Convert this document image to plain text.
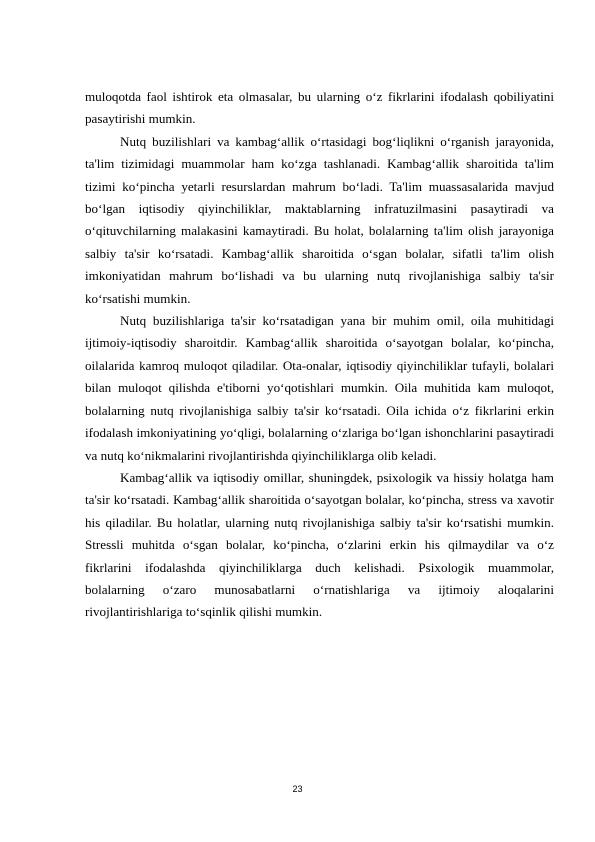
muloqotda faol ishtirok eta olmasalar, bu ularning oʻz fikrlarini ifodalash qobiliyatini pasaytirishi mumkin.

Nutq buzilishlari va kambagʻallik oʻrtasidagi bogʻliqlikni oʻrganish jarayonida, ta'lim tizimidagi muammolar ham koʻzga tashlanadi. Kambagʻallik sharoitida ta'lim tizimi koʻpincha yetarli resurslardan mahrum boʻladi. Ta'lim muassasalarida mavjud boʻlgan iqtisodiy qiyinchiliklar, maktablarning infratuzilmasini pasaytiradi va oʻqituvchilarning malakasini kamaytiradi. Bu holat, bolalarning ta'lim olish jarayoniga salbiy ta'sir koʻrsatadi. Kambagʻallik sharoitida oʻsgan bolalar, sifatli ta'lim olish imkoniyatidan mahrum boʻlishadi va bu ularning nutq rivojlanishiga salbiy ta'sir koʻrsatishi mumkin.

Nutq buzilishlariga ta'sir koʻrsatadigan yana bir muhim omil, oila muhitidagi ijtimoiy-iqtisodiy sharoitdir. Kambagʻallik sharoitida oʻsayotgan bolalar, koʻpincha, oilalarida kamroq muloqot qiladilar. Ota-onalar, iqtisodiy qiyinchiliklar tufayli, bolalari bilan muloqot qilishda e'tiborni yoʻqotishlari mumkin. Oila muhitida kam muloqot, bolalarning nutq rivojlanishiga salbiy ta'sir koʻrsatadi. Oila ichida oʻz fikrlarini erkin ifodalash imkoniyatining yoʻqligi, bolalarning oʻzlariga boʻlgan ishonchlarini pasaytiradi va nutq koʻnikmalarini rivojlantirishda qiyinchiliklarga olib keladi.

Kambagʻallik va iqtisodiy omillar, shuningdek, psixologik va hissiy holatga ham ta'sir koʻrsatadi. Kambagʻallik sharoitida oʻsayotgan bolalar, koʻpincha, stress va xavotir his qiladilar. Bu holatlar, ularning nutq rivojlanishiga salbiy ta'sir koʻrsatishi mumkin. Stressli muhitda oʻsgan bolalar, koʻpincha, oʻzlarini erkin his qilmaydilar va oʻz fikrlarini ifodalashda qiyinchiliklarga duch kelishadi. Psixologik muammolar, bolalarning oʻzaro munosabatlarni oʻrnatishlariga va ijtimoiy aloqalarini rivojlantirishlariga toʻsqinlik qilishi mumkin.

23
